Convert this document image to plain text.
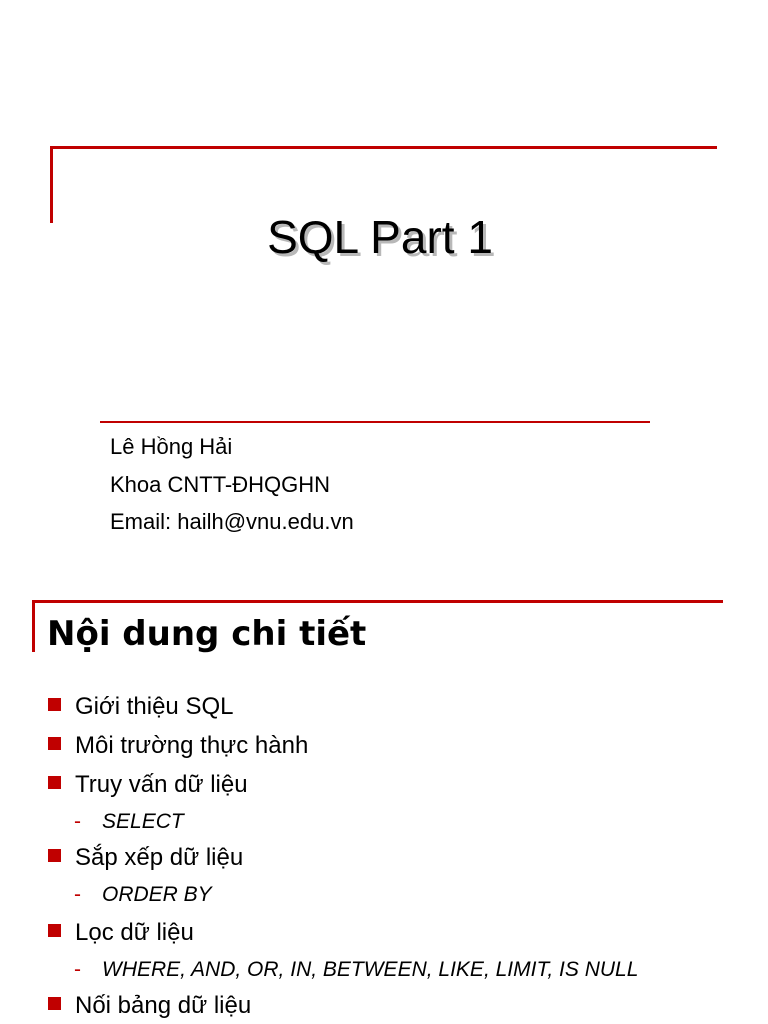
SQL Part 1
Lê Hồng Hải
Khoa CNTT-ĐHQGHN
Email: hailh@vnu.edu.vn
Nội dung chi tiết
Giới thiệu SQL
Môi trường thực hành
Truy vấn dữ liệu
- SELECT
Sắp xếp dữ liệu
- ORDER BY
Lọc dữ liệu
- WHERE, AND, OR, IN, BETWEEN, LIKE, LIMIT, IS NULL
Nối bảng dữ liệu
